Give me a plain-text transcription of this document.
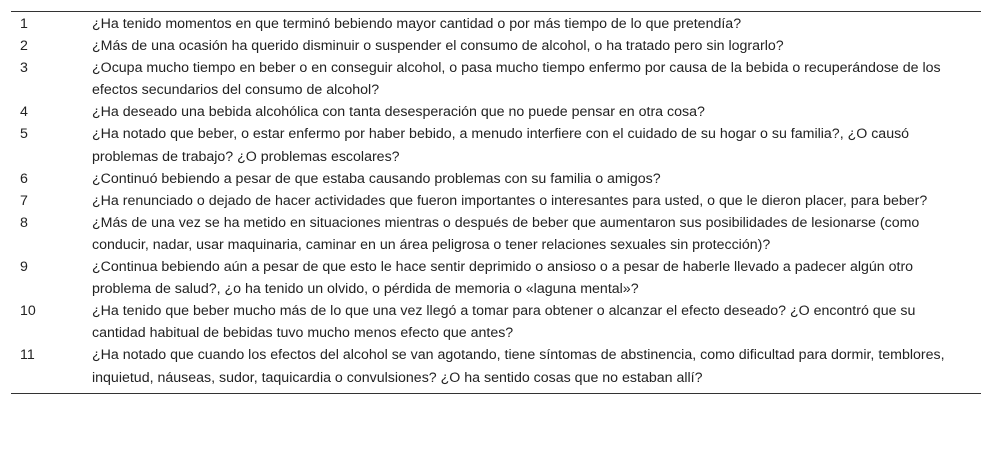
1	¿Ha tenido momentos en que terminó bebiendo mayor cantidad o por más tiempo de lo que pretendía?
2	¿Más de una ocasión ha querido disminuir o suspender el consumo de alcohol, o ha tratado pero sin lograrlo?
3	¿Ocupa mucho tiempo en beber o en conseguir alcohol, o pasa mucho tiempo enfermo por causa de la bebida o recuperándose de los efectos secundarios del consumo de alcohol?
4	¿Ha deseado una bebida alcohólica con tanta desesperación que no puede pensar en otra cosa?
5	¿Ha notado que beber, o estar enfermo por haber bebido, a menudo interfiere con el cuidado de su hogar o su familia?, ¿O causó problemas de trabajo? ¿O problemas escolares?
6	¿Continuó bebiendo a pesar de que estaba causando problemas con su familia o amigos?
7	¿Ha renunciado o dejado de hacer actividades que fueron importantes o interesantes para usted, o que le dieron placer, para beber?
8	¿Más de una vez se ha metido en situaciones mientras o después de beber que aumentaron sus posibilidades de lesionarse (como conducir, nadar, usar maquinaria, caminar en un área peligrosa o tener relaciones sexuales sin protección)?
9	¿Continua bebiendo aún a pesar de que esto le hace sentir deprimido o ansioso o a pesar de haberle llevado a padecer algún otro problema de salud?, ¿o ha tenido un olvido, o pérdida de memoria o «laguna mental»?
10	¿Ha tenido que beber mucho más de lo que una vez llegó a tomar para obtener o alcanzar el efecto deseado? ¿O encontró que su cantidad habitual de bebidas tuvo mucho menos efecto que antes?
11	¿Ha notado que cuando los efectos del alcohol se van agotando, tiene síntomas de abstinencia, como dificultad para dormir, temblores, inquietud, náuseas, sudor, taquicardia o convulsiones? ¿O ha sentido cosas que no estaban allí?
